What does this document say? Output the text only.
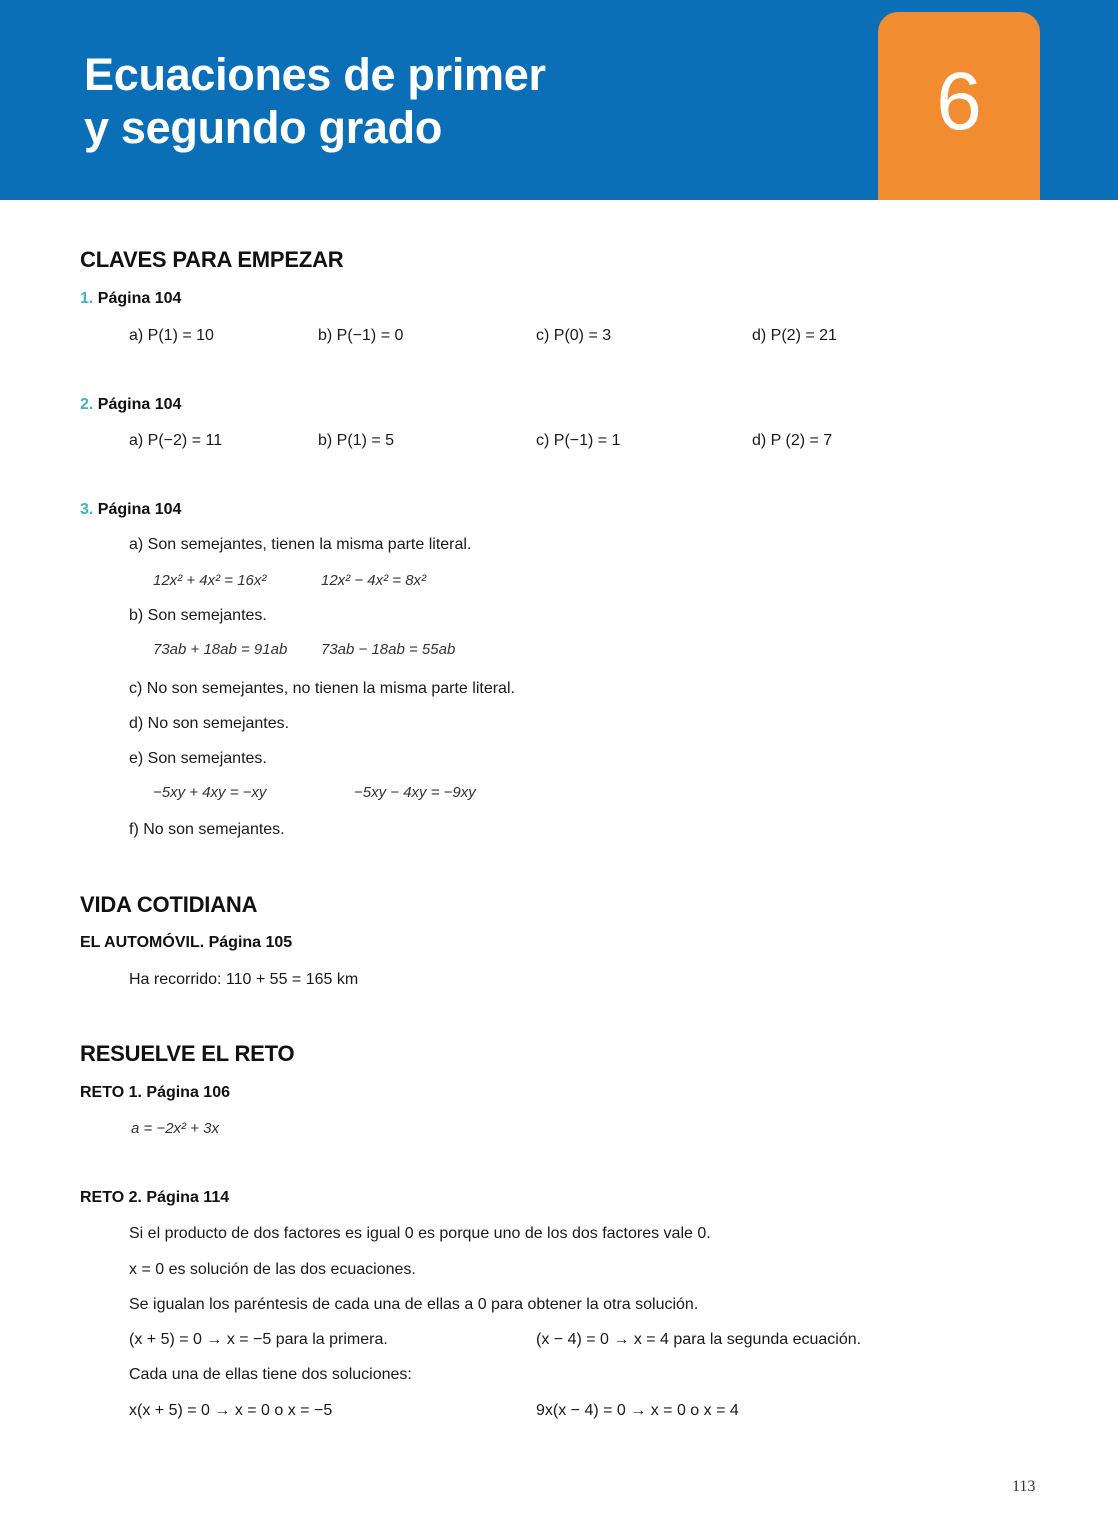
Ecuaciones de primer
y segundo grado	6
CLAVES PARA EMPEZAR
1. Página 104
a) P(1) = 10	b) P(−1) = 0	c) P(0) = 3	d) P(2) = 21
2. Página 104
a) P(−2) = 11	b) P(1) = 5	c) P(−1) = 1	d) P (2) = 7
3. Página 104
a) Son semejantes, tienen la misma parte literal.
12x² + 4x² = 16x²	12x² − 4x² = 8x²
b) Son semejantes.
73ab + 18ab = 91ab 73ab − 18ab = 55ab
c) No son semejantes, no tienen la misma parte literal.
d) No son semejantes.
e) Son semejantes.
−5xy + 4xy = −xy	−5xy − 4xy = −9xy
f) No son semejantes.
VIDA COTIDIANA
EL AUTOMÓVIL. Página 105
Ha recorrido: 110 + 55 = 165 km
RESUELVE EL RETO
RETO 1. Página 106
a = −2x² + 3x
RETO 2. Página 114
Si el producto de dos factores es igual 0 es porque uno de los dos factores vale 0.
x = 0 es solución de las dos ecuaciones.
Se igualan los paréntesis de cada una de ellas a 0 para obtener la otra solución.
(x + 5) = 0 → x = −5 para la primera.	(x − 4) = 0 → x = 4 para la segunda ecuación.
Cada una de ellas tiene dos soluciones:
x(x + 5) = 0 → x = 0 o x = −5	9x(x − 4) = 0 → x = 0 o x = 4
113
